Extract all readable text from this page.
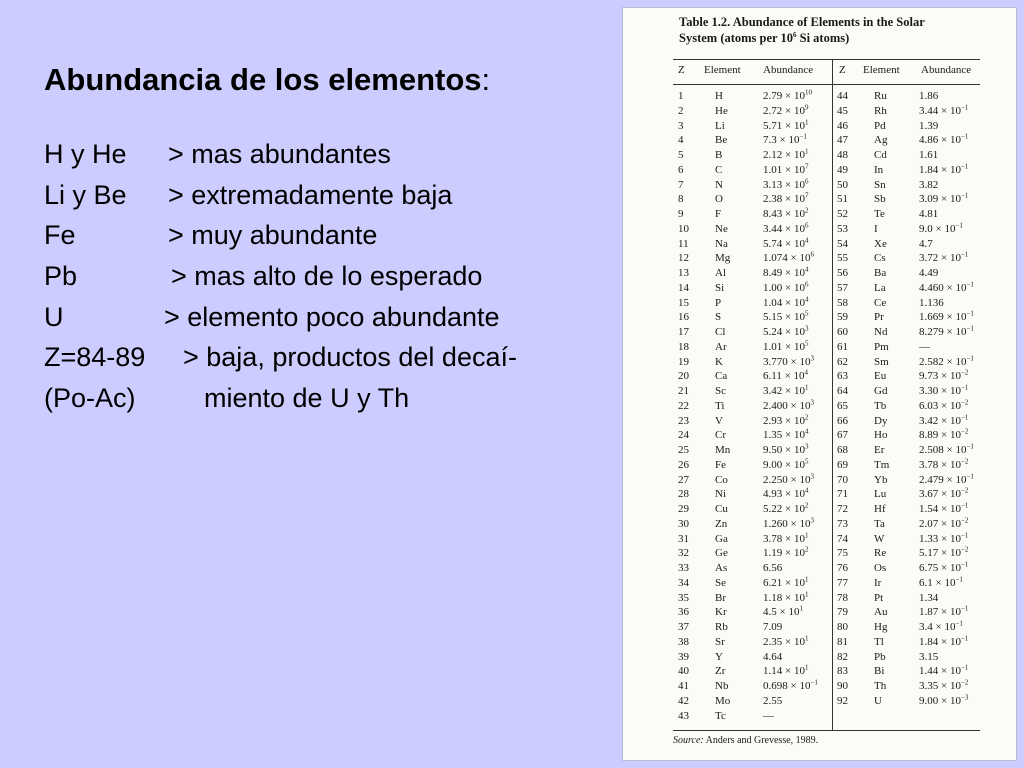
Abundancia de los elementos:
H y He > mas abundantes
Li y Be > extremadamente baja
Fe	> muy abundante
Pb	> mas alto de lo esperado
U	> elemento poco abundante
Z=84-89 > baja, productos del decaí-
(Po-Ac)	miento de U y Th
Table 1.2. Abundance of Elements in the Solar
System (atoms per $10^6$ Si atoms)
Z Element Abundance Z Element Abundance
1	H	$2.79 \times 10^{10}$
2	He	$2.72 \times 10^9$
3	Li	$5.71 \times 10^1$
4	Be	$7.3 \times 10^{-1}$
5	B	$2.12 \times 10^1$
6	C	$1.01 \times 10^7$
7	N	$3.13 \times 10^6$
8	O	$2.38 \times 10^7$
9	F	$8.43 \times 10^2$
10 Ne	$3.44 \times 10^6$
11 Na	$5.74 \times 10^4$
12 Mg	$1.074 \times 10^6$
13 Al	$8.49 \times 10^4$
14 Si	$1.00 \times 10^6$
15 P	$1.04 \times 10^4$
16 S	$5.15 \times 10^5$
17 Cl	$5.24 \times 10^3$
18 Ar	$1.01 \times 10^5$
19 K	$3.770 \times 10^3$
20 Ca	$6.11 \times 10^4$
21 Sc	$3.42 \times 10^1$
22 Ti	$2.400 \times 10^3$
23 V	$2.93 \times 10^2$
24 Cr	$1.35 \times 10^4$
25 Mn	$9.50 \times 10^3$
26 Fe	$9.00 \times 10^5$
27 Co	$2.250 \times 10^3$
28 Ni	$4.93 \times 10^4$
29 Cu	$5.22 \times 10^2$
30 Zn	$1.260 \times 10^3$
31 Ga	$3.78 \times 10^1$
32 Ge	$1.19 \times 10^2$
33 As	6.56
34 Se	$6.21 \times 10^1$
35 Br	$1.18 \times 10^1$
36 Kr	$4.5 \times 10^1$
37 Rb	7.09
38 Sr	$2.35 \times 10^1$
39 Y	4.64
40 Zr	$1.14 \times 10^1$
41 Nb	$0.698 \times 10^{-1}$
42 Mo	2.55
43 Tc	—
44 Ru	1.86
45 Rh	$3.44 \times 10^{-1}$
46 Pd	1.39
47 Ag	$4.86 \times 10^{-1}$
48 Cd	1.61
49 In	$1.84 \times 10^{-1}$
50 Sn	3.82
51 Sb	$3.09 \times 10^{-1}$
52 Te	4.81
53 I	$9.0 \times 10^{-1}$
54 Xe	4.7
55 Cs	$3.72 \times 10^{-1}$
56 Ba	4.49
57 La	$4.460 \times 10^{-1}$
58 Ce	1.136
59 Pr	$1.669 \times 10^{-1}$
60 Nd	$8.279 \times 10^{-1}$
61 Pm	—
62 Sm	$2.582 \times 10^{-1}$
63 Eu	$9.73 \times 10^{-2}$
64 Gd	$3.30 \times 10^{-1}$
65 Tb	$6.03 \times 10^{-2}$
66 Dy	$3.42 \times 10^{-1}$
67 Ho	$8.89 \times 10^{-2}$
68 Er	$2.508 \times 10^{-1}$
69 Tm	$3.78 \times 10^{-2}$
70 Yb	$2.479 \times 10^{-1}$
71 Lu	$3.67 \times 10^{-2}$
72 Hf	$1.54 \times 10^{-1}$
73 Ta	$2.07 \times 10^{-2}$
74 W	$1.33 \times 10^{-1}$
75 Re	$5.17 \times 10^{-2}$
76 Os	$6.75 \times 10^{-1}$
77 Ir	$6.1 \times 10^{-1}$
78 Pt	1.34
79 Au	$1.87 \times 10^{-1}$
80 Hg	$3.4 \times 10^{-1}$
81 Tl	$1.84 \times 10^{-1}$
82 Pb	3.15
83 Bi	$1.44 \times 10^{-1}$
90 Th	$3.35 \times 10^{-2}$
92 U	$9.00 \times 10^{-3}$
Source: Anders and Grevesse, 1989.
